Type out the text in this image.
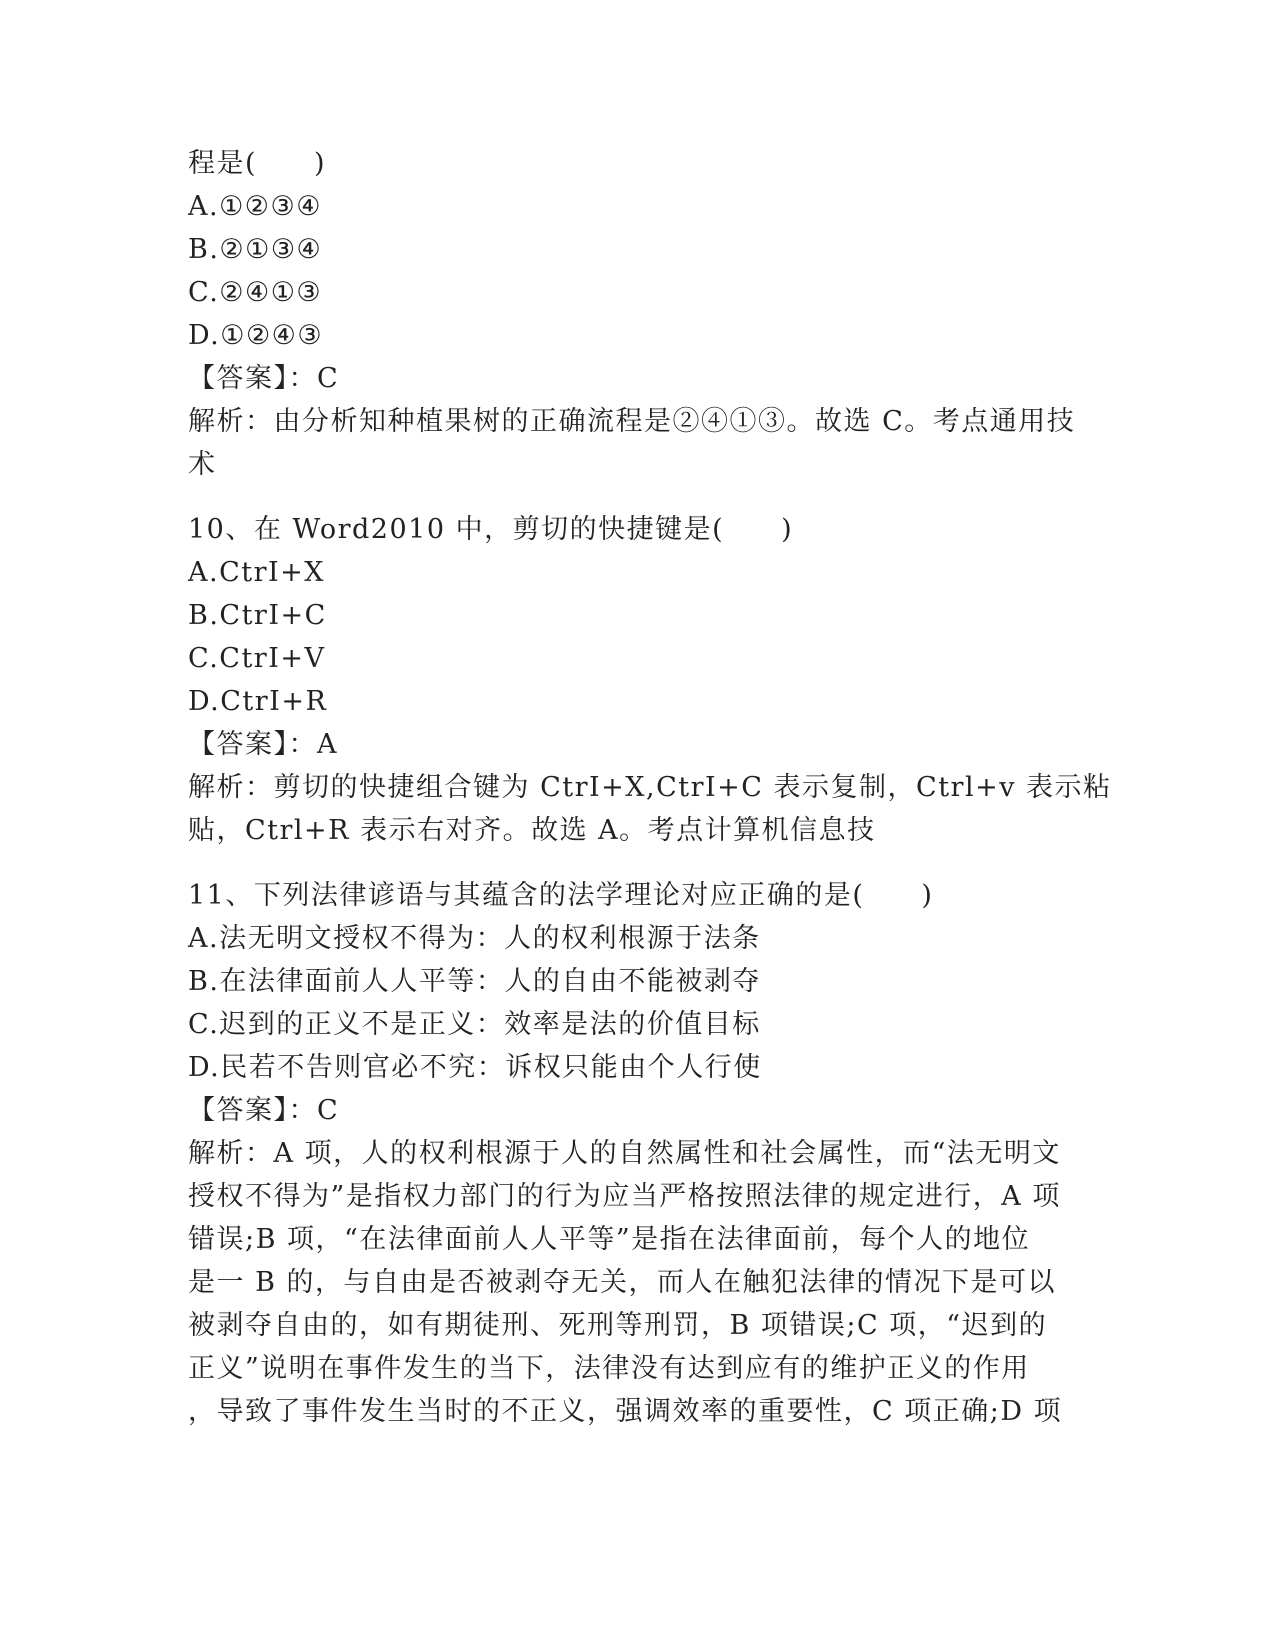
程是(　　)
A.①②③④
B.②①③④
C.②④①③
D.①②④③
【答案】：C
解析：由分析知种植果树的正确流程是②④①③。故选 C。考点通用技
术
10、在 Word2010 中，剪切的快捷键是(　　)
A.CtrI+X
B.CtrI+C
C.CtrI+V
D.CtrI+R
【答案】：A
解析：剪切的快捷组合键为 CtrI+X,CtrI+C 表示复制，Ctrl+v 表示粘
贴，Ctrl+R 表示右对齐。故选 A。考点计算机信息技
11、下列法律谚语与其蕴含的法学理论对应正确的是(　　)
A.法无明文授权不得为：人的权利根源于法条
B.在法律面前人人平等：人的自由不能被剥夺
C.迟到的正义不是正义：效率是法的价值目标
D.民若不告则官必不究：诉权只能由个人行使
【答案】：C
解析：A 项，人的权利根源于人的自然属性和社会属性，而“法无明文
授权不得为”是指权力部门的行为应当严格按照法律的规定进行，A 项
错误;B 项，“在法律面前人人平等”是指在法律面前，每个人的地位
是一 B 的，与自由是否被剥夺无关，而人在触犯法律的情况下是可以
被剥夺自由的，如有期徒刑、死刑等刑罚，B 项错误;C 项，“迟到的
正义”说明在事件发生的当下，法律没有达到应有的维护正义的作用
，导致了事件发生当时的不正义，强调效率的重要性，C 项正确;D 项
